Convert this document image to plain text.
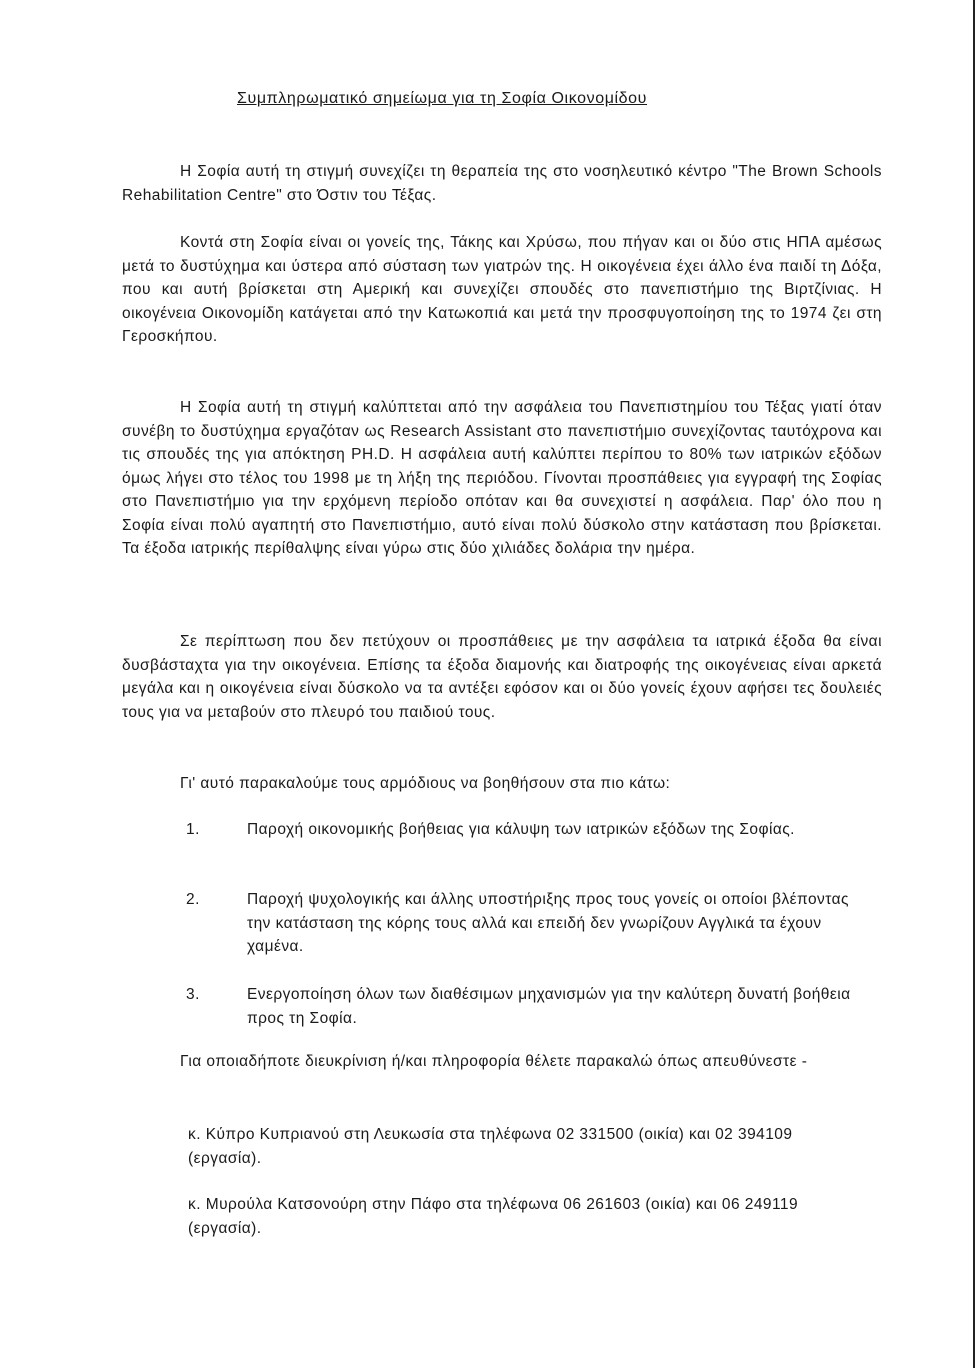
Συμπληρωματικό σημείωμα για τη Σοφία Οικονομίδου
Η Σοφία αυτή τη στιγμή συνεχίζει τη θεραπεία της στο νοσηλευτικό κέντρο "The Brown Schools Rehabilitation Centre" στο Όστιν του Τέξας.
Κοντά στη Σοφία είναι οι γονείς της, Τάκης και Χρύσω, που πήγαν και οι δύο στις ΗΠΑ αμέσως μετά το δυστύχημα και ύστερα από σύσταση των γιατρών της. Η οικογένεια έχει άλλο ένα παιδί τη Δόξα, που και αυτή βρίσκεται στη Αμερική και συνεχίζει σπουδές στο πανεπιστήμιο της Βιρτζίνιας. Η οικογένεια Οικονομίδη κατάγεται από την Κατωκοπιά και μετά την προσφυγοποίηση της το 1974 ζει στη Γεροσκήπου.
Η Σοφία αυτή τη στιγμή καλύπτεται από την ασφάλεια του Πανεπιστημίου του Τέξας γιατί όταν συνέβη το δυστύχημα εργαζόταν ως Research Assistant στο πανεπιστήμιο συνεχίζοντας ταυτόχρονα και τις σπουδές της για απόκτηση PH.D. Η ασφάλεια αυτή καλύπτει περίπου το 80% των ιατρικών εξόδων όμως λήγει στο τέλος του 1998 με τη λήξη της περιόδου. Γίνονται προσπάθειες για εγγραφή της Σοφίας στο Πανεπιστήμιο για την ερχόμενη περίοδο οπόταν και θα συνεχιστεί η ασφάλεια. Παρ' όλο που η Σοφία είναι πολύ αγαπητή στο Πανεπιστήμιο, αυτό είναι πολύ δύσκολο στην κατάσταση που βρίσκεται. Τα έξοδα ιατρικής περίθαλψης είναι γύρω στις δύο χιλιάδες δολάρια την ημέρα.
Σε περίπτωση που δεν πετύχουν οι προσπάθειες με την ασφάλεια τα ιατρικά έξοδα θα είναι δυσβάσταχτα για την οικογένεια. Επίσης τα έξοδα διαμονής και διατροφής της οικογένειας είναι αρκετά μεγάλα και η οικογένεια είναι δύσκολο να τα αντέξει εφόσον και οι δύο γονείς έχουν αφήσει τες δουλειές τους για να μεταβούν στο πλευρό του παιδιού τους.
Γι' αυτό παρακαλούμε τους αρμόδιους να βοηθήσουν στα πιο κάτω:
1.	Παροχή οικονομικής βοήθειας για κάλυψη των ιατρικών εξόδων της Σοφίας.
2.	Παροχή ψυχολογικής και άλλης υποστήριξης προς τους γονείς οι οποίοι βλέποντας την κατάσταση της κόρης τους αλλά και επειδή δεν γνωρίζουν Αγγλικά τα έχουν χαμένα.
3.	Ενεργοποίηση όλων των διαθέσιμων μηχανισμών για την καλύτερη δυνατή βοήθεια προς τη Σοφία.
Για οποιαδήποτε διευκρίνιση ή/και πληροφορία θέλετε παρακαλώ όπως απευθύνεστε -
κ. Κύπρο Κυπριανού στη Λευκωσία στα τηλέφωνα 02 331500 (οικία) και 02 394109 (εργασία).
κ. Μυρούλα Κατσονούρη στην Πάφο στα τηλέφωνα 06 261603 (οικία) και 06 249119 (εργασία).
